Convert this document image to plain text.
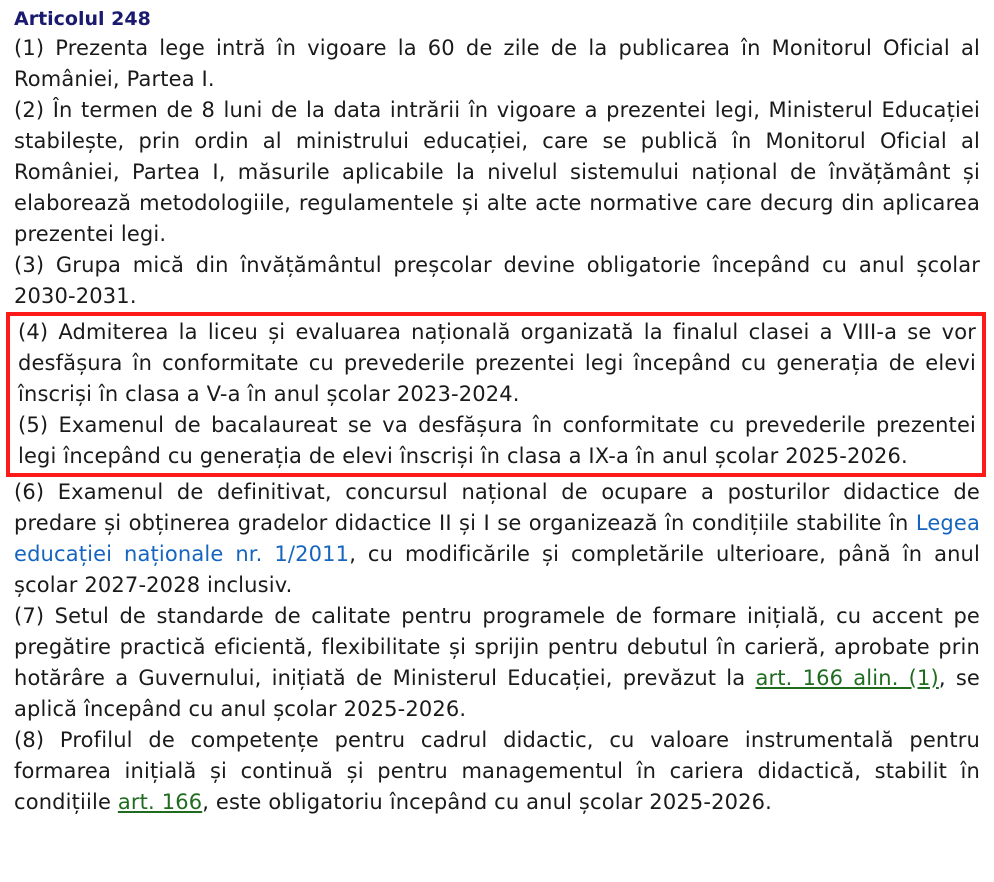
Articolul 248

(1) Prezenta lege intră în vigoare la 60 de zile de la publicarea în Monitorul Oficial al României, Partea I.

(2) În termen de 8 luni de la data intrării în vigoare a prezentei legi, Ministerul Educației stabilește, prin ordin al ministrului educației, care se publică în Monitorul Oficial al României, Partea I, măsurile aplicabile la nivelul sistemului național de învățământ și elaborează metodologiile, regulamentele și alte acte normative care decurg din aplicarea prezentei legi.

(3) Grupa mică din învățământul preșcolar devine obligatorie începând cu anul școlar 2030-2031.

(4) Admiterea la liceu și evaluarea națională organizată la finalul clasei a VIII-a se vor desfășura în conformitate cu prevederile prezentei legi începând cu generația de elevi înscriși în clasa a V-a în anul școlar 2023-2024.

(5) Examenul de bacalaureat se va desfășura în conformitate cu prevederile prezentei legi începând cu generația de elevi înscriși în clasa a IX-a în anul școlar 2025-2026.

(6) Examenul de definitivat, concursul național de ocupare a posturilor didactice de predare și obținerea gradelor didactice II și I se organizează în condițiile stabilite în Legea educației naționale nr. 1/2011, cu modificările și completările ulterioare, până în anul școlar 2027-2028 inclusiv.

(7) Setul de standarde de calitate pentru programele de formare inițială, cu accent pe pregătire practică eficientă, flexibilitate și sprijin pentru debutul în carieră, aprobate prin hotărâre a Guvernului, inițiată de Ministerul Educației, prevăzut la art. 166 alin. (1), se aplică începând cu anul școlar 2025-2026.

(8) Profilul de competențe pentru cadrul didactic, cu valoare instrumentală pentru formarea inițială și continuă și pentru managementul în cariera didactică, stabilit în condițiile art. 166, este obligatoriu începând cu anul școlar 2025-2026.
